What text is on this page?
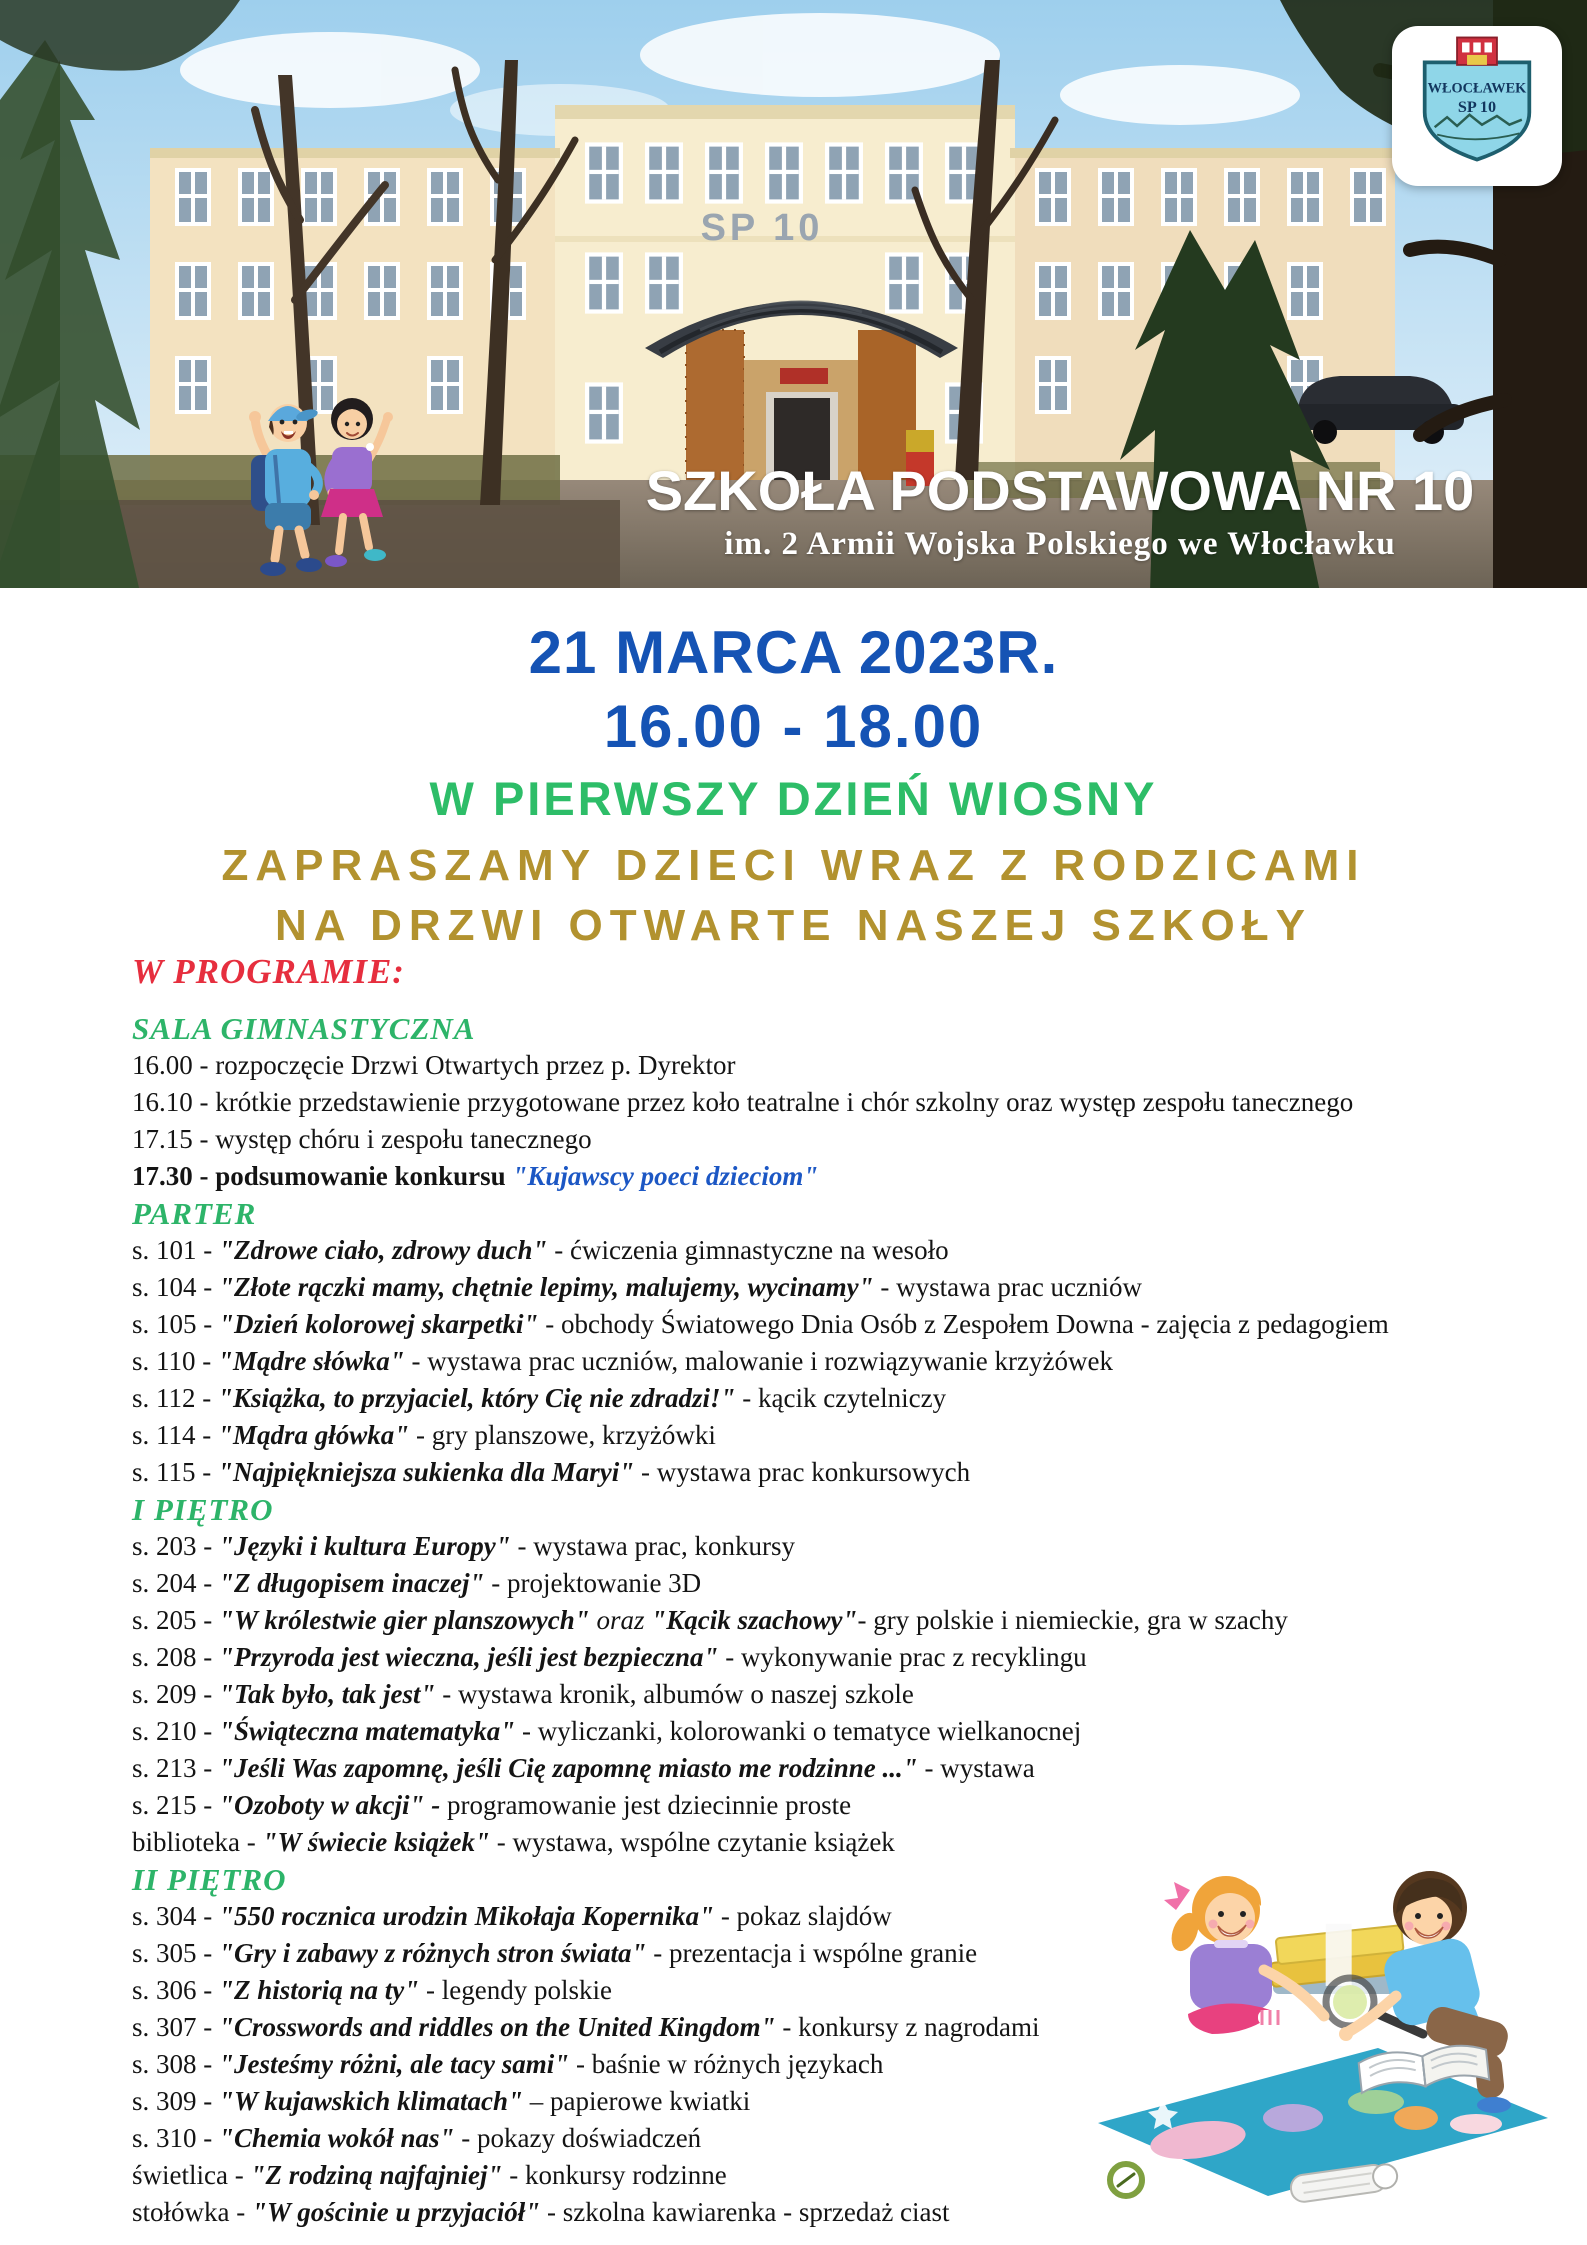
SP 10
SZKOŁA PODSTAWOWA NR 10
im. 2 Armii Wojska Polskiego we Włocławku
WŁOCŁAWEK
SP 10
21 MARCA 2023R.
16.00 - 18.00
W PIERWSZY DZIEŃ WIOSNY
ZAPRASZAMY DZIECI WRAZ Z RODZICAMI
NA DRZWI OTWARTE NASZEJ SZKOŁY
W PROGRAMIE:
SALA GIMNASTYCZNA
16.00 - rozpoczęcie Drzwi Otwartych przez p. Dyrektor
16.10 - krótkie przedstawienie przygotowane przez koło teatralne i chór szkolny oraz występ zespołu tanecznego
17.15 - występ chóru i zespołu tanecznego
17.30 - podsumowanie konkursu "Kujawscy poeci dzieciom"
PARTER
s. 101 - "Zdrowe ciało, zdrowy duch" - ćwiczenia gimnastyczne na wesoło
s. 104 - "Złote rączki mamy, chętnie lepimy, malujemy, wycinamy" - wystawa prac uczniów
s. 105 - "Dzień kolorowej skarpetki" - obchody Światowego Dnia Osób z Zespołem Downa - zajęcia z pedagogiem
s. 110 - "Mądre słówka" - wystawa prac uczniów, malowanie i rozwiązywanie krzyżówek
s. 112 - "Książka, to przyjaciel, który Cię nie zdradzi!" - kącik czytelniczy
s. 114 - "Mądra główka" - gry planszowe, krzyżówki
s. 115 - "Najpiękniejsza sukienka dla Maryi" - wystawa prac konkursowych
I PIĘTRO
s. 203 - "Języki i kultura Europy" - wystawa prac, konkursy
s. 204 - "Z długopisem inaczej" - projektowanie 3D
s. 205 - "W królestwie gier planszowych" oraz "Kącik szachowy"- gry polskie i niemieckie, gra w szachy
s. 208 - "Przyroda jest wieczna, jeśli jest bezpieczna" - wykonywanie prac z recyklingu
s. 209 - "Tak było, tak jest" - wystawa kronik, albumów o naszej szkole
s. 210 - "Świąteczna matematyka" - wyliczanki, kolorowanki o tematyce wielkanocnej
s. 213 - "Jeśli Was zapomnę, jeśli Cię zapomnę miasto me rodzinne ..." - wystawa
s. 215 - "Ozoboty w akcji" - programowanie jest dziecinnie proste
biblioteka - "W świecie książek" - wystawa, wspólne czytanie książek
II PIĘTRO
s. 304 - "550 rocznica urodzin Mikołaja Kopernika" - pokaz slajdów
s. 305 - "Gry i zabawy z różnych stron świata" - prezentacja i wspólne granie
s. 306 - "Z historią na ty" - legendy polskie
s. 307 - "Crosswords and riddles on the United Kingdom" - konkursy z nagrodami
s. 308 - "Jesteśmy różni, ale tacy sami" - baśnie w różnych językach
s. 309 - "W kujawskich klimatach" – papierowe kwiatki
s. 310 - "Chemia wokół nas" - pokazy doświadczeń
świetlica - "Z rodziną najfajniej" - konkursy rodzinne
stołówka - "W gościnie u przyjaciół" - szkolna kawiarenka - sprzedaż ciast
